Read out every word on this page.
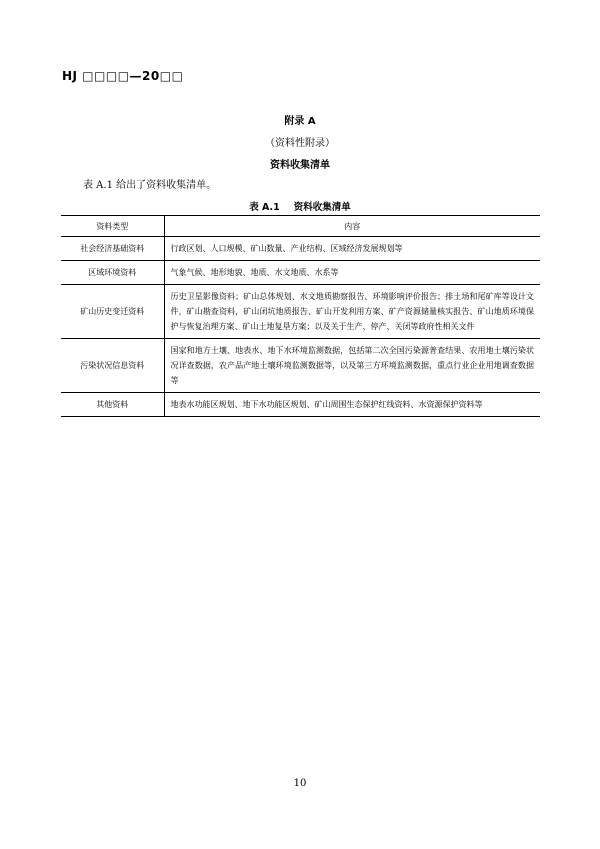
HJ □□□□—20□□
附录 A
（资料性附录）
资料收集清单
表 A.1 给出了资料收集清单。
表 A.1 资料收集清单
资料类型	内容
社会经济基础资料	行政区划、人口规模、矿山数量、产业结构、区域经济发展规划等
区域环境资料	气象气候、地形地貌、地质、水文地质、水系等
矿山历史变迁资料	历史卫星影像资料；矿山总体规划、水文地质勘察报告、环境影响评价报告；排土场和尾矿库等设计文件，矿山勘查资料，矿山闭坑地质报告、矿山开发利用方案、矿产资源储量核实报告、矿山地质环境保护与恢复治理方案、矿山土地复垦方案；以及关于生产、停产、关闭等政府性相关文件
污染状况信息资料	国家和地方土壤、地表水、地下水环境监测数据，包括第二次全国污染源普查结果、农用地土壤污染状况详查数据，农产品产地土壤环境监测数据等，以及第三方环境监测数据，重点行业企业用地调查数据等
其他资料	地表水功能区规划、地下水功能区规划、矿山周围生态保护红线资料、水资源保护资料等
10
